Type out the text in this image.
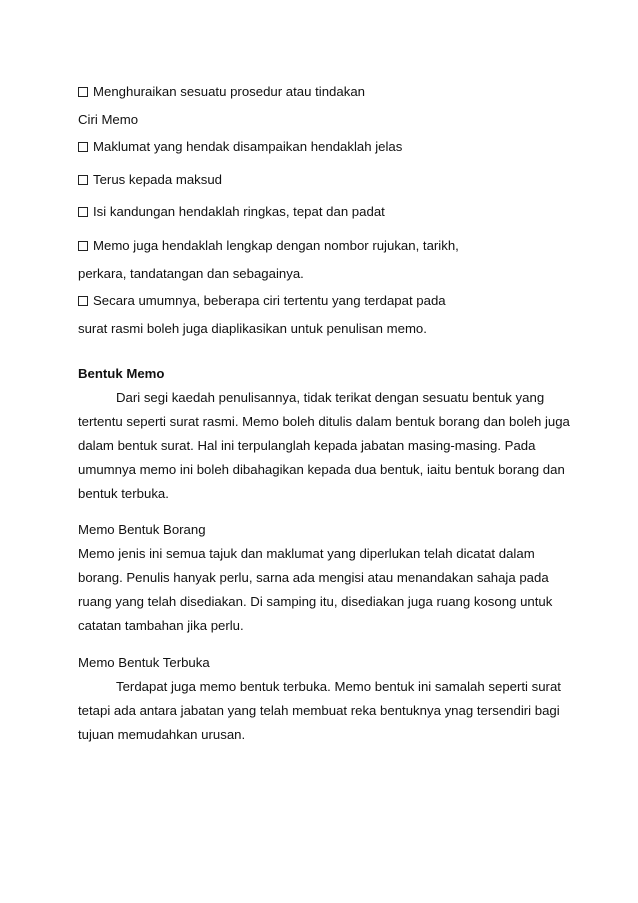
Menghuraikan sesuatu prosedur atau tindakan
Ciri Memo
Maklumat yang hendak disampaikan hendaklah jelas
Terus kepada maksud
Isi kandungan hendaklah ringkas, tepat dan padat
Memo juga hendaklah lengkap dengan nombor rujukan, tarikh,
perkara, tandatangan dan sebagainya.
Secara umumnya, beberapa ciri tertentu yang terdapat pada
surat rasmi boleh juga diaplikasikan untuk penulisan memo.
Bentuk Memo
Dari segi kaedah penulisannya, tidak terikat dengan sesuatu bentuk yang
tertentu seperti surat rasmi. Memo boleh ditulis dalam bentuk borang dan boleh juga
dalam bentuk surat. Hal ini terpulanglah kepada jabatan masing-masing. Pada
umumnya memo ini boleh dibahagikan kepada dua bentuk, iaitu bentuk borang dan
bentuk terbuka.
Memo Bentuk Borang
Memo jenis ini semua tajuk dan maklumat yang diperlukan telah dicatat dalam
borang. Penulis hanyak perlu, sarna ada mengisi atau menandakan sahaja pada
ruang yang telah disediakan. Di samping itu, disediakan juga ruang kosong untuk
catatan tambahan jika perlu.
Memo Bentuk Terbuka
Terdapat juga memo bentuk terbuka. Memo bentuk ini samalah seperti surat
tetapi ada antara jabatan yang telah membuat reka bentuknya ynag tersendiri bagi
tujuan memudahkan urusan.
